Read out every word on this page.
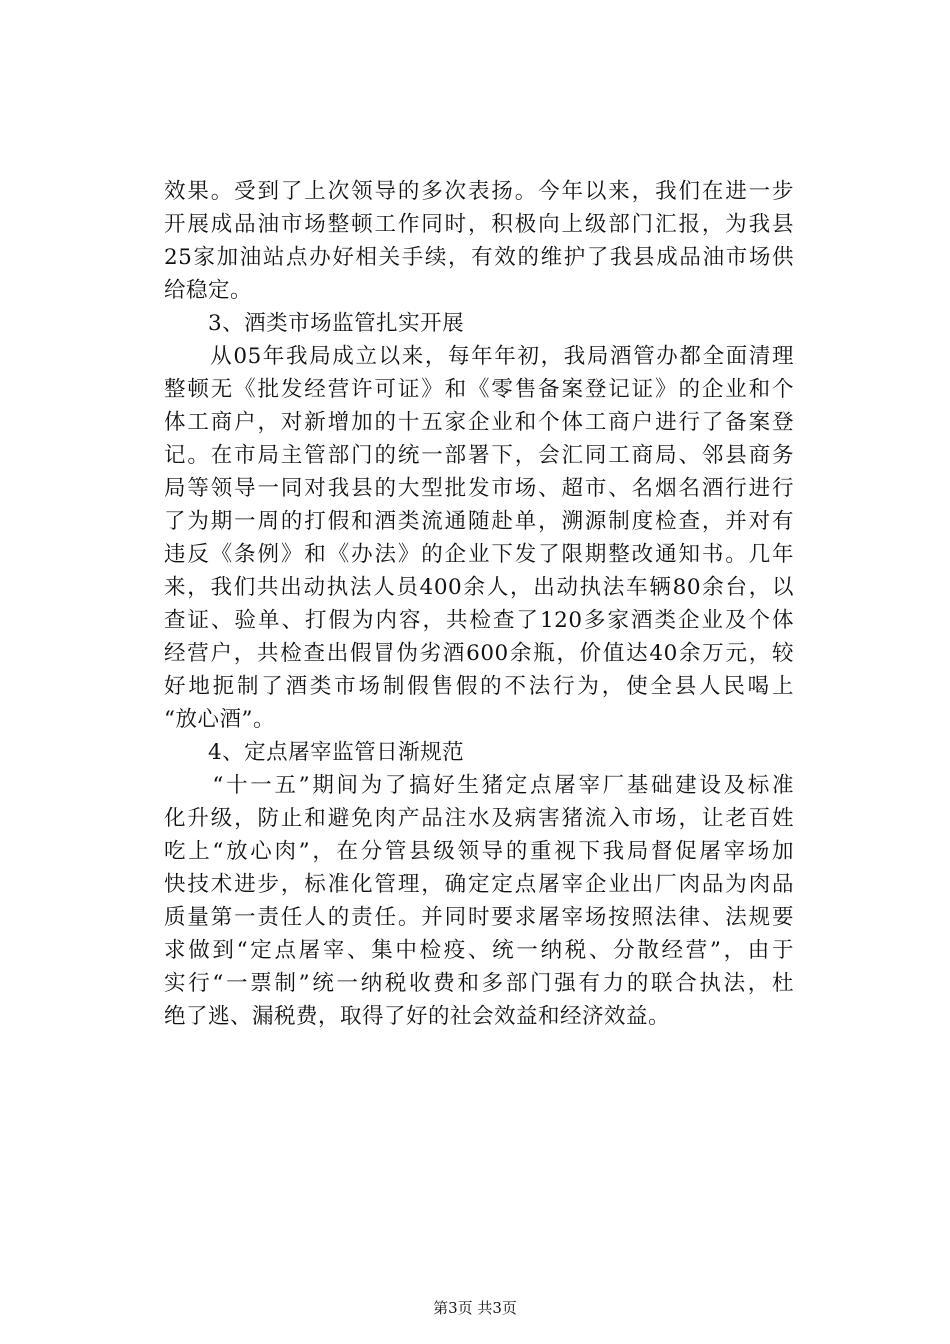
效果。受到了上次领导的多次表扬。今年以来，我们在进一步
开展成品油市场整顿工作同时，积极向上级部门汇报，为我县
25家加油站点办好相关手续，有效的维护了我县成品油市场供
给稳定。
　　3、酒类市场监管扎实开展
　　从05年我局成立以来，每年年初，我局酒管办都全面清理
整顿无《批发经营许可证》和《零售备案登记证》的企业和个
体工商户，对新增加的十五家企业和个体工商户进行了备案登
记。在市局主管部门的统一部署下，会汇同工商局、邻县商务
局等领导一同对我县的大型批发市场、超市、名烟名酒行进行
了为期一周的打假和酒类流通随赴单，溯源制度检查，并对有
违反《条例》和《办法》的企业下发了限期整改通知书。几年
来，我们共出动执法人员400余人，出动执法车辆80余台，以
查证、验单、打假为内容，共检查了120多家酒类企业及个体
经营户，共检查出假冒伪劣酒600余瓶，价值达40余万元，较
好地扼制了酒类市场制假售假的不法行为，使全县人民喝上
“放心酒”。
　　4、定点屠宰监管日渐规范
　　“十一五”期间为了搞好生猪定点屠宰厂基础建设及标准
化升级，防止和避免肉产品注水及病害猪流入市场，让老百姓
吃上“放心肉”，在分管县级领导的重视下我局督促屠宰场加
快技术进步，标准化管理，确定定点屠宰企业出厂肉品为肉品
质量第一责任人的责任。并同时要求屠宰场按照法律、法规要
求做到“定点屠宰、集中检疫、统一纳税、分散经营”，由于
实行“一票制”统一纳税收费和多部门强有力的联合执法，杜
绝了逃、漏税费，取得了好的社会效益和经济效益。
第3页 共3页
